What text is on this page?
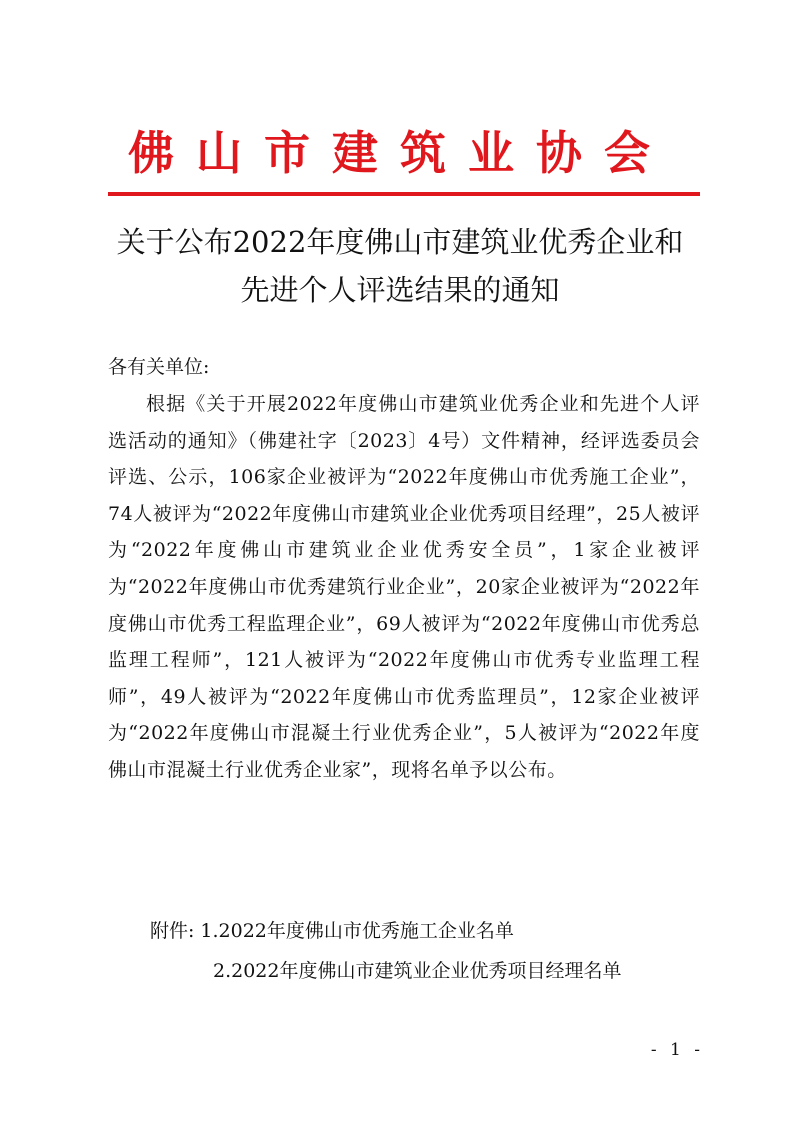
佛山市建筑业协会
关于公布2022年度佛山市建筑业优秀企业和
先进个人评选结果的通知
各有关单位:
根据《关于开展2022年度佛山市建筑业优秀企业和先进个人评选活动的通知》（佛建社字〔2023〕4号）文件精神，经评选委员会评选、公示，106家企业被评为“2022年度佛山市优秀施工企业”，74人被评为“2022年度佛山市建筑业企业优秀项目经理”，25人被评为“2022年度佛山市建筑业企业优秀安全员”，1家企业被评为“2022年度佛山市优秀建筑行业企业”，20家企业被评为“2022年度佛山市优秀工程监理企业”，69人被评为“2022年度佛山市优秀总监理工程师”，121人被评为“2022年度佛山市优秀专业监理工程师”，49人被评为“2022年度佛山市优秀监理员”，12家企业被评为“2022年度佛山市混凝土行业优秀企业”，5人被评为“2022年度佛山市混凝土行业优秀企业家”，现将名单予以公布。
附件: 1.2022年度佛山市优秀施工企业名单
2.2022年度佛山市建筑业企业优秀项目经理名单
- 1 -
